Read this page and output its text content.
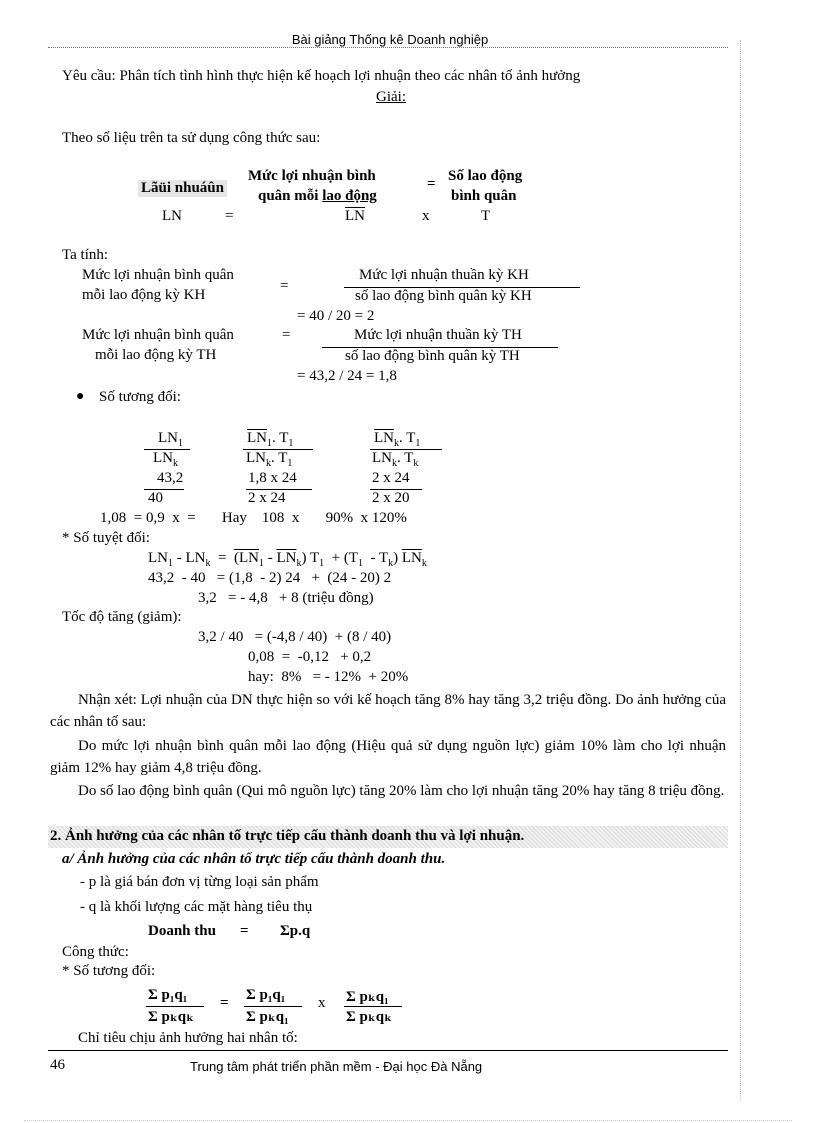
Bài giảng Thống kê Doanh nghiệp
Yêu cầu: Phân tích tình hình thực hiện kế hoạch lợi nhuận theo các nhân tố ảnh hưởng
Giải:
Theo số liệu trên ta sử dụng công thức sau:
Lãüi nhuáûn
Mức lợi nhuận bình
quân mỗi lao động
= Số lao động
bình quân
LN	=	$\overline{LN}$	x	T
Ta tính:
Mức lợi nhuận bình quân
mỗi lao động kỳ KH
=
Mức lợi nhuận thuần kỳ KH
số lao động bình quân kỳ KH
= 40 / 20 = 2
Mức lợi nhuận bình quân
mỗi lao động kỳ TH
=	Mức lợi nhuận thuần kỳ TH
số lao động bình quân kỳ TH
= 43,2 / 24 = 1,8
● Số tương đối:
$LN_1$
$LN_k$
$\overline{LN}_1$. $T_1$
$\overline{LN}_k$. $T_1$
$\overline{LN}_k$. $T_1$
$\overline{LN}_k$. $T_k$
43,2
40
1,8 x 24
2 x 24
2 x 24
2 x 20
1,08  = 0,9  x  =       Hay    108  x       90%  x 120%
* Số tuyệt đối:
$LN_1 - LN_k = (LN_1 - \overline{LN}_k) T_1 + (T_1 - T_k)$ $\overline{LN}_k$
43,2  - 40   = (1,8  - 2) 24   +  (24 - 20) 2
3,2   = - 4,8   + 8 (triệu đồng)
Tốc độ tăng (giảm):
3,2 / 40   = (-4,8 / 40)  + (8 / 40)
0,08  =  -0,12   + 0,2
hay:  8%   = - 12%  + 20%
Nhận xét: Lợi nhuận của DN thực hiện so với kế hoạch tăng 8% hay tăng 3,2 triệu đồng. Do ảnh hưởng của các nhân tố sau:
Do mức lợi nhuận bình quân mỗi lao động (Hiệu quả sử dụng nguồn lực) giảm 10% làm cho lợi nhuận giảm 12% hay giảm 4,8 triệu đồng.
Do số lao động bình quân (Qui mô nguồn lực) tăng 20% làm cho lợi nhuận tăng 20% hay tăng 8 triệu đồng.
2. Ảnh hưởng của các nhân tố trực tiếp cấu thành doanh thu và lợi nhuận.
a/ Ảnh hưởng của các nhân tố trực tiếp cấu thành doanh thu.
- p là giá bán đơn vị từng loại sản phẩm
- q là khối lượng các mặt hàng tiêu thụ
Doanh thu = Σp.q
Công thức:
* Số tương đối:
Σ p₁q₁
Σ pₖqₖ
= Σ p₁q₁
Σ pₖq₁
x Σ pₖq₁
Σ pₖqₖ
Chỉ tiêu chịu ảnh hưởng hai nhân tố:
46	Trung tâm phát triển phần mềm - Đại học Đà Nẵng
